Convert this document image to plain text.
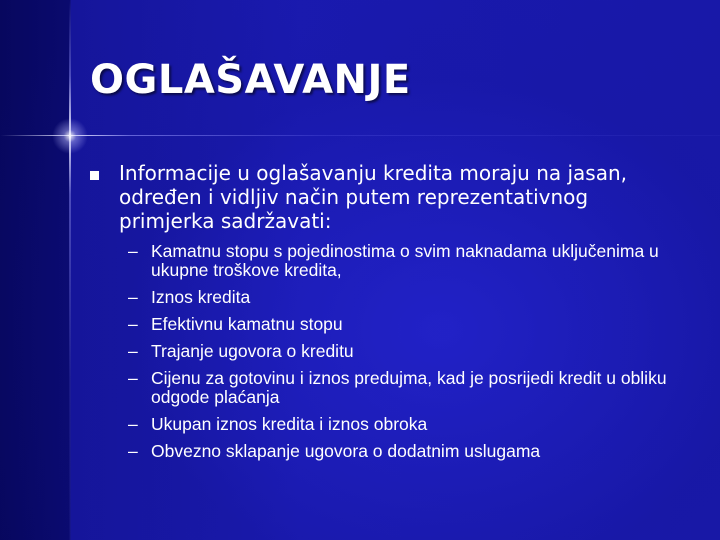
OGLAŠAVANJE
Informacije u oglašavanju kredita moraju na jasan, određen i vidljiv način putem reprezentativnog primjerka sadržavati:
– Kamatnu stopu s pojedinostima o svim naknadama uključenima u ukupne troškove kredita,
– Iznos kredita
– Efektivnu kamatnu stopu
– Trajanje ugovora o kreditu
– Cijenu za gotovinu i iznos predujma, kad je posrijedi kredit u obliku odgode plaćanja
– Ukupan iznos kredita i iznos obroka
– Obvezno sklapanje ugovora o dodatnim uslugama
